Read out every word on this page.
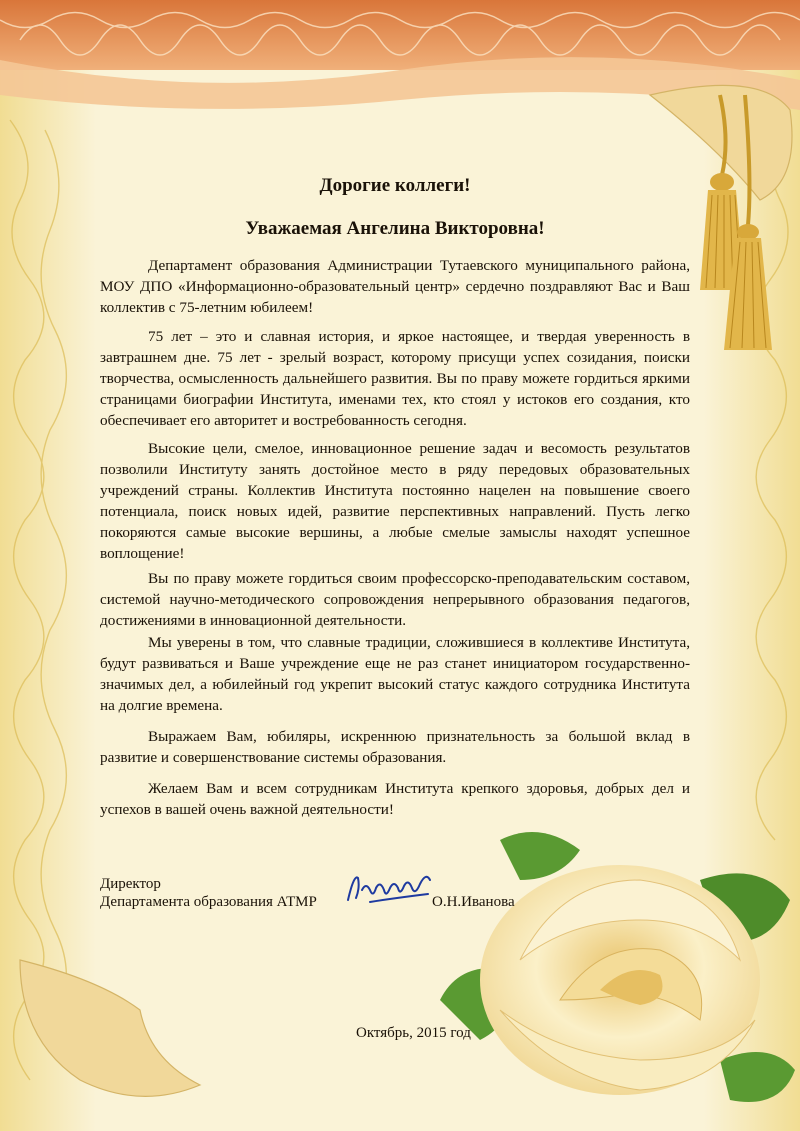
Дорогие коллеги!
Уважаемая Ангелина Викторовна!

Департамент образования Администрации Тутаевского муниципального района, МОУ ДПО «Информационно-образовательный центр» сердечно поздравляют Вас и Ваш коллектив с 75-летним юбилеем!

75 лет – это и славная история, и яркое настоящее, и твердая уверенность в завтрашнем дне. 75 лет - зрелый возраст, которому присущи успех созидания, поиски творчества, осмысленность дальнейшего развития. Вы по праву можете гордиться яркими страницами биографии Института, именами тех, кто стоял у истоков его создания, кто обеспечивает его авторитет и востребованность сегодня.

Высокие цели, смелое, инновационное решение задач и весомость результатов позволили Институту занять достойное место в ряду передовых образовательных учреждений страны. Коллектив Института постоянно нацелен на повышение своего потенциала, поиск новых идей, развитие перспективных направлений. Пусть легко покоряются самые высокие вершины, а любые смелые замыслы находят успешное воплощение!

Вы по праву можете гордиться своим профессорско-преподавательским составом, системой научно-методического сопровождения непрерывного образования педагогов, достижениями в инновационной деятельности.

Мы уверены в том, что славные традиции, сложившиеся в коллективе Института, будут развиваться и Ваше учреждение еще не раз станет инициатором государственно-значимых дел, а юбилейный год укрепит высокий статус каждого сотрудника Института на долгие времена.

Выражаем Вам, юбиляры, искреннюю признательность за большой вклад в развитие и совершенствование системы образования.

Желаем Вам и всем сотрудникам Института крепкого здоровья, добрых дел и успехов в вашей очень важной деятельности!

Директор
Департамента образования АТМР	О.Н.Иванова
Октябрь, 2015 год
